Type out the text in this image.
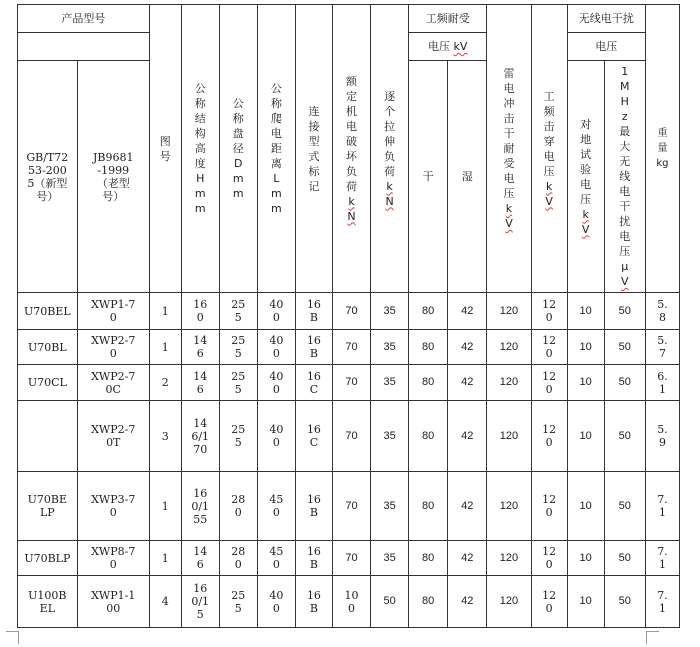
产品型号		图号	公称结构高度Hmm	公称盘径Dmm	公称爬电距离Lmm	连接型式标记	额定机电破坏负荷kN	逐个拉伸负荷kN	工频耐受		雷电冲击干耐受电压kV	工频击穿电压kV	无线电干扰		重量kg

									电压 kV				电压		

GB/T7253-2005（新型号）	JB9681-1999（老型号）								干	湿			对地试验电压kV	1MHz最大无线电干扰电压μV	

U70BEL	XWP1-70	1	160	255	400	16B	70	35	80	42	120	120	10	50	5.8

U70BL	XWP2-70	1	146	255	400	16B	70	35	80	42	120	120	10	50	5.7

U70CL	XWP2-70C	2	146	255	400	16C	70	35	80	42	120	120	10	50	6.1

	XWP2-70T	3	146/170	255	400	16C	70	35	80	42	120	120	10	50	5.9

U70BELP	XWP3-70	1	160/155	280	450	16B	70	35	80	42	120	120	10	50	7.1

U70BLP	XWP8-70	1	146	280	450	16B	70	35	80	42	120	120	10	50	7.1

U100BEL	XWP1-100	4	160/15	255	400	16B	100	50	80	42	120	120	10	50	7.1
